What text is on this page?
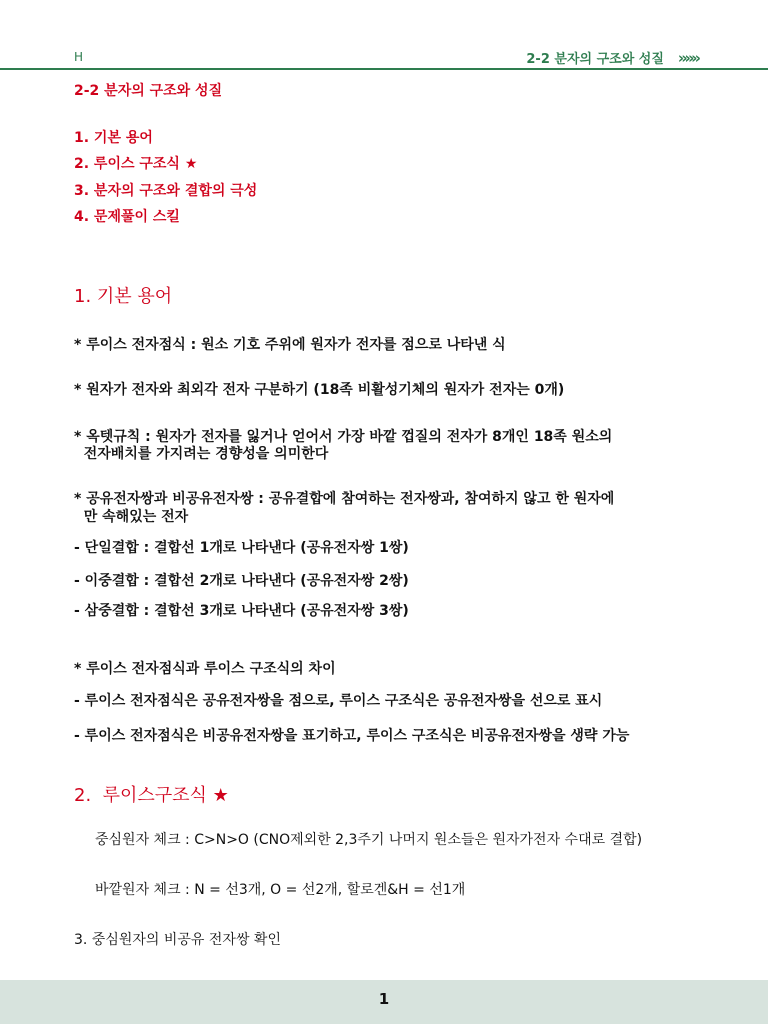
H	2-2 분자의 구조와 성질 »»»
2-2 분자의 구조와 성질
1. 기본 용어
2. 루이스 구조식 ★
3. 분자의 구조와 결합의 극성
4. 문제풀이 스킬
1. 기본 용어
* 루이스 전자점식 : 원소 기호 주위에 원자가 전자를 점으로 나타낸 식
* 원자가 전자와 최외각 전자 구분하기 (18족 비활성기체의 원자가 전자는 0개)
* 옥텟규칙 : 원자가 전자를 잃거나 얻어서 가장 바깥 껍질의 전자가 8개인 18족 원소의
전자배치를 가지려는 경향성을 의미한다
* 공유전자쌍과 비공유전자쌍 : 공유결합에 참여하는 전자쌍과, 참여하지 않고 한 원자에
만 속해있는 전자
- 단일결합 : 결합선 1개로 나타낸다 (공유전자쌍 1쌍)
- 이중결합 : 결합선 2개로 나타낸다 (공유전자쌍 2쌍)
- 삼중결합 : 결합선 3개로 나타낸다 (공유전자쌍 3쌍)
* 루이스 전자점식과 루이스 구조식의 차이
- 루이스 전자점식은 공유전자쌍을 점으로, 루이스 구조식은 공유전자쌍을 선으로 표시
- 루이스 전자점식은 비공유전자쌍을 표기하고, 루이스 구조식은 비공유전자쌍을 생략 가능
2.  루이스구조식 ★
중심원자 체크 : C>N>O (CNO제외한 2,3주기 나머지 원소들은 원자가전자 수대로 결합)
바깥원자 체크 : N = 선3개, O = 선2개, 할로겐&H = 선1개
3. 중심원자의 비공유 전자쌍 확인
1
